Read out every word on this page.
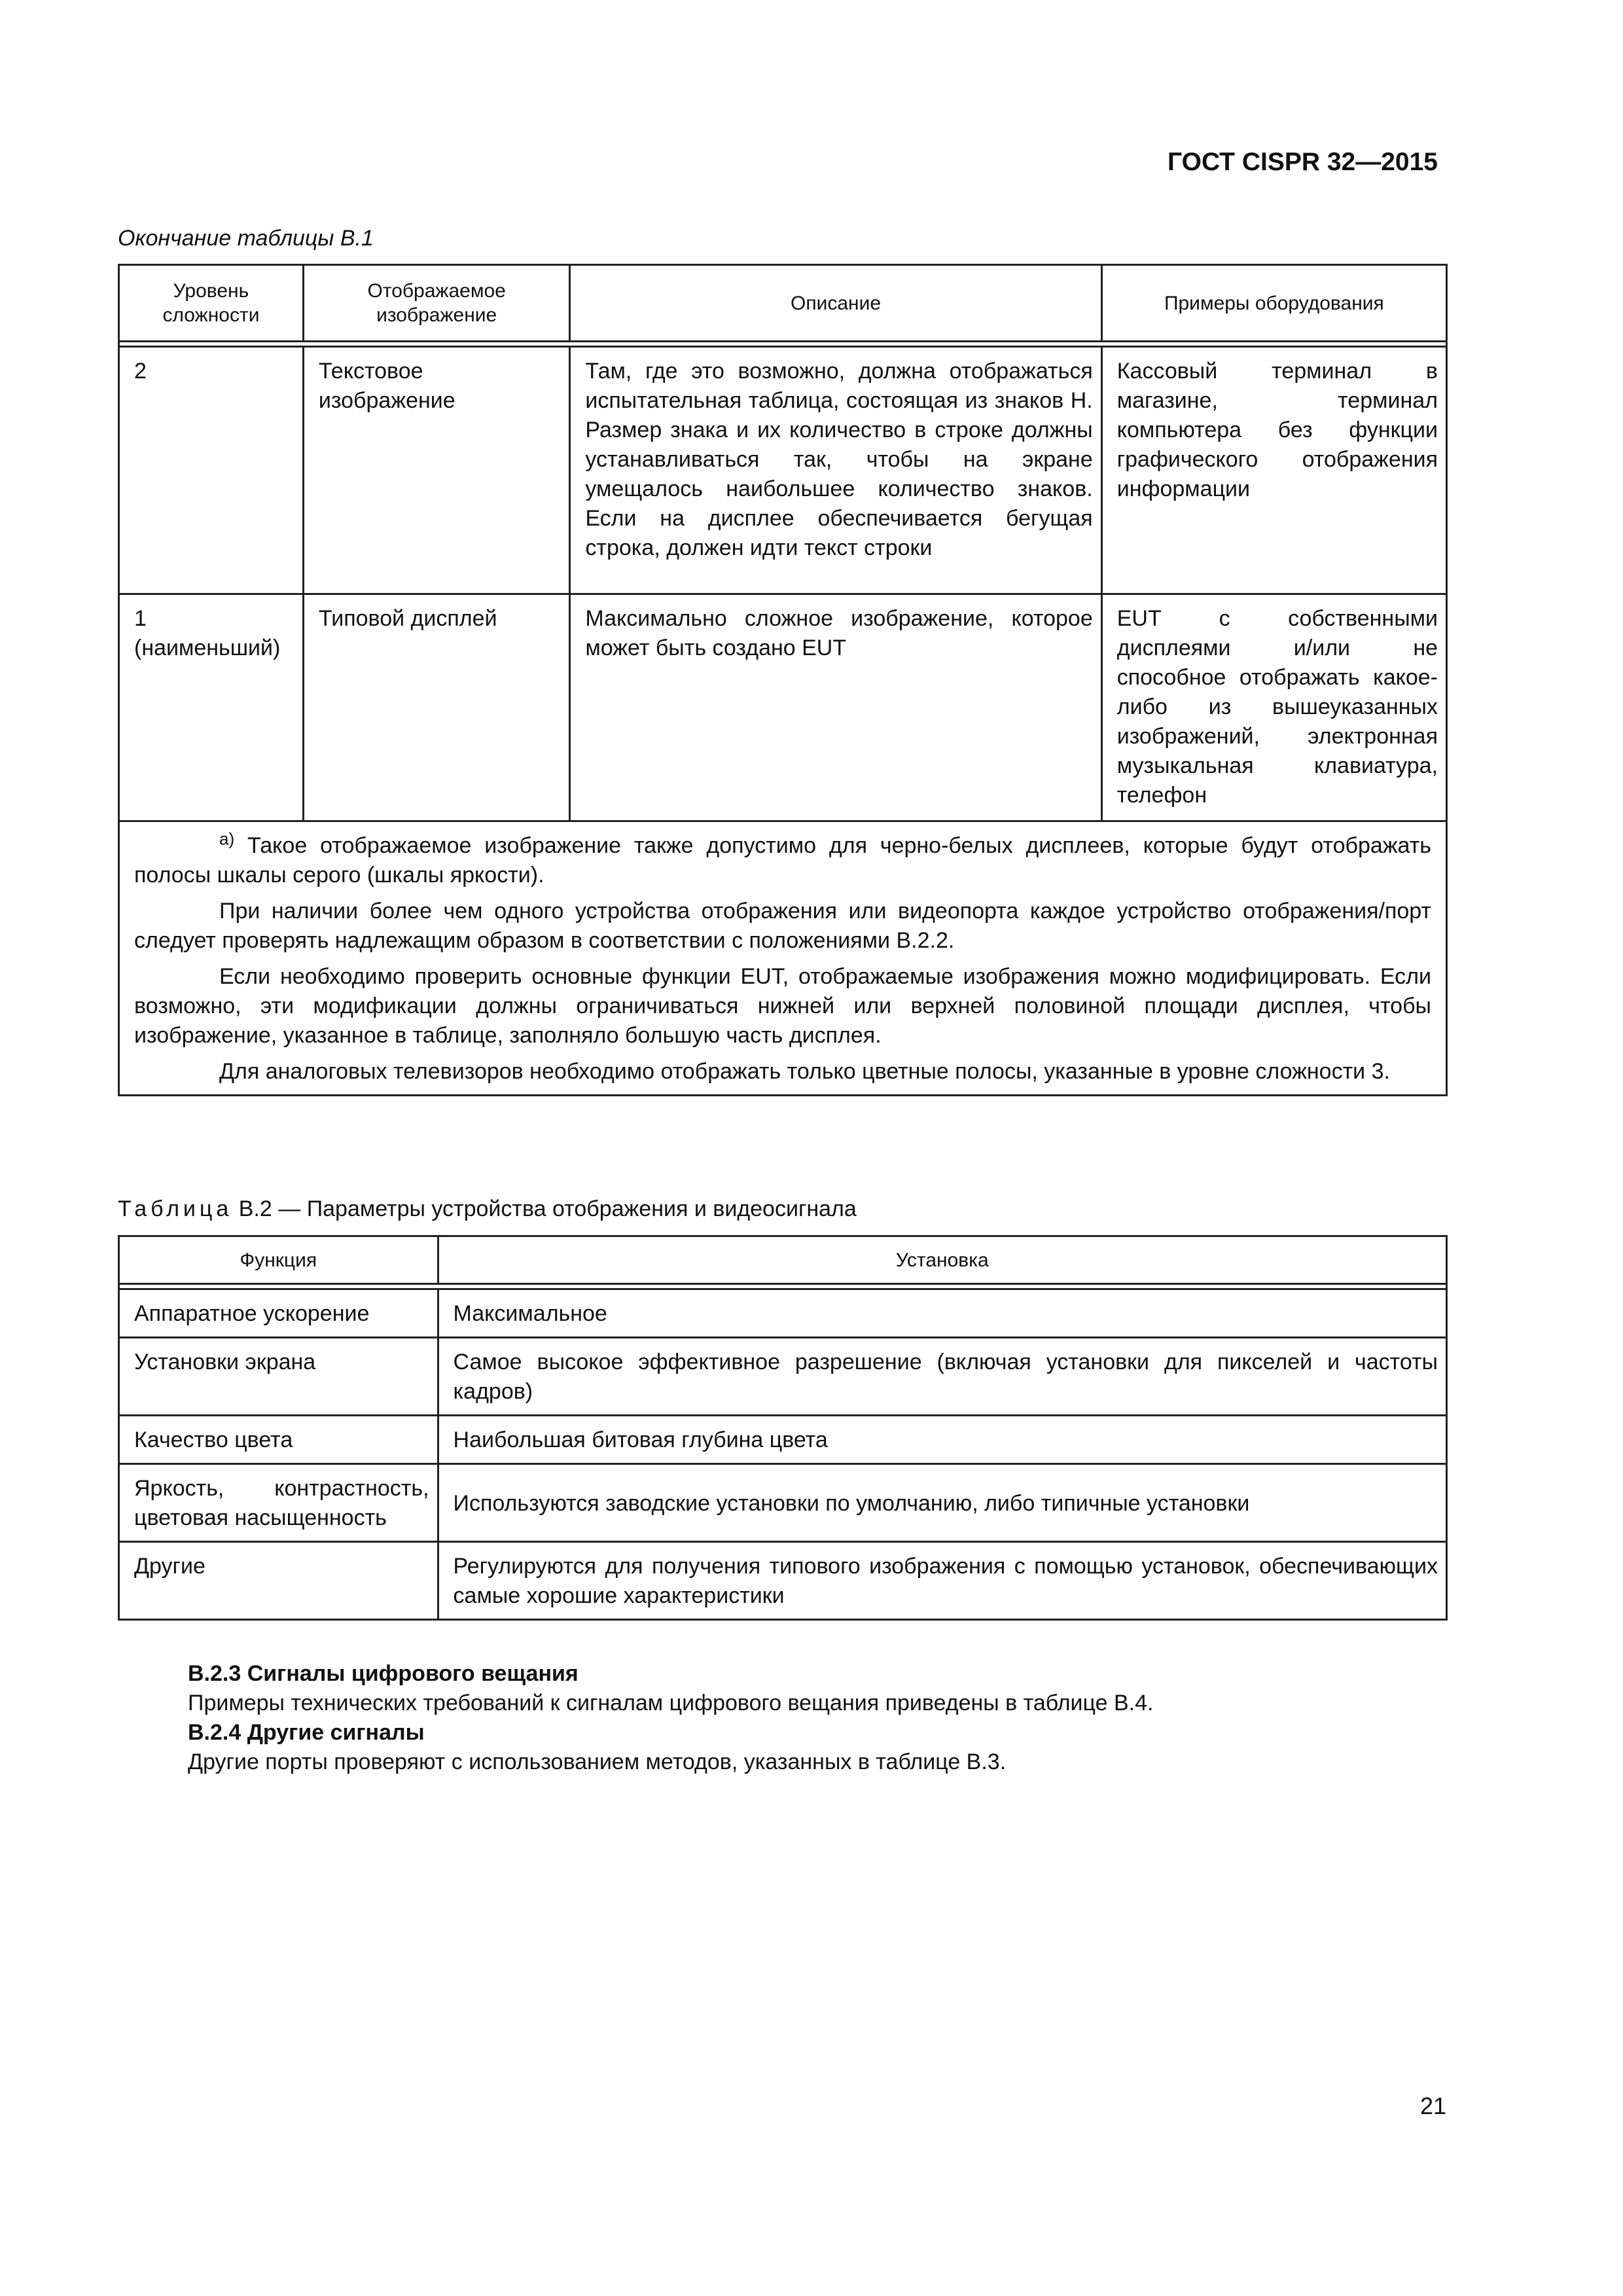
ГОСТ CISPR 32—2015
Окончание таблицы В.1
Уровень сложности	Отображаемое изображение	Описание	Примеры оборудования

2	Текстовое изображение	Там, где это возможно, должна отображаться испытательная таблица, состоящая из знаков Н. Размер знака и их количество в строке должны устанавливаться так, чтобы на экране умещалось наибольшее количество знаков. Если на дисплее обеспечивается бегущая строка, должен идти текст строки	Кассовый терминал в магазине, терминал компьютера без функции графического отображения информации
1 (наименьший)	Типовой дисплей	Максимально сложное изображение, которое может быть создано EUT	EUT с собственными дисплеями и/или не способное отображать какое-либо из вышеуказанных изображений, электронная музыкальная клавиатура, телефон

$^{а)}$ Такое отображаемое изображение также допустимо для черно-белых дисплеев, которые будут отображать полосы шкалы серого (шкалы яркости).

При наличии более чем одного устройства отображения или видеопорта каждое устройство отображения/порт следует проверять надлежащим образом в соответствии с положениями В.2.2.

Если необходимо проверить основные функции EUT, отображаемые изображения можно модифицировать. Если возможно, эти модификации должны ограничиваться нижней или верхней половиной площади дисплея, чтобы изображение, указанное в таблице, заполняло большую часть дисплея.

Для аналоговых телевизоров необходимо отображать только цветные полосы, указанные в уровне сложности 3.			

Таблица В.2 — Параметры устройства отображения и видеосигнала
Функция	Установка

Аппаратное ускорение	Максимальное
Установки экрана	Самое высокое эффективное разрешение (включая установки для пикселей и частоты кадров)
Качество цвета	Наибольшая битовая глубина цвета
Яркость, контрастность, цветовая насыщенность	Используются заводские установки по умолчанию, либо типичные установки
Другие	Регулируются для получения типового изображения с помощью установок, обеспечивающих самые хорошие характеристики
В.2.3 Сигналы цифрового вещания
Примеры технических требований к сигналам цифрового вещания приведены в таблице В.4.
В.2.4 Другие сигналы
Другие порты проверяют с использованием методов, указанных в таблице В.3.
21
